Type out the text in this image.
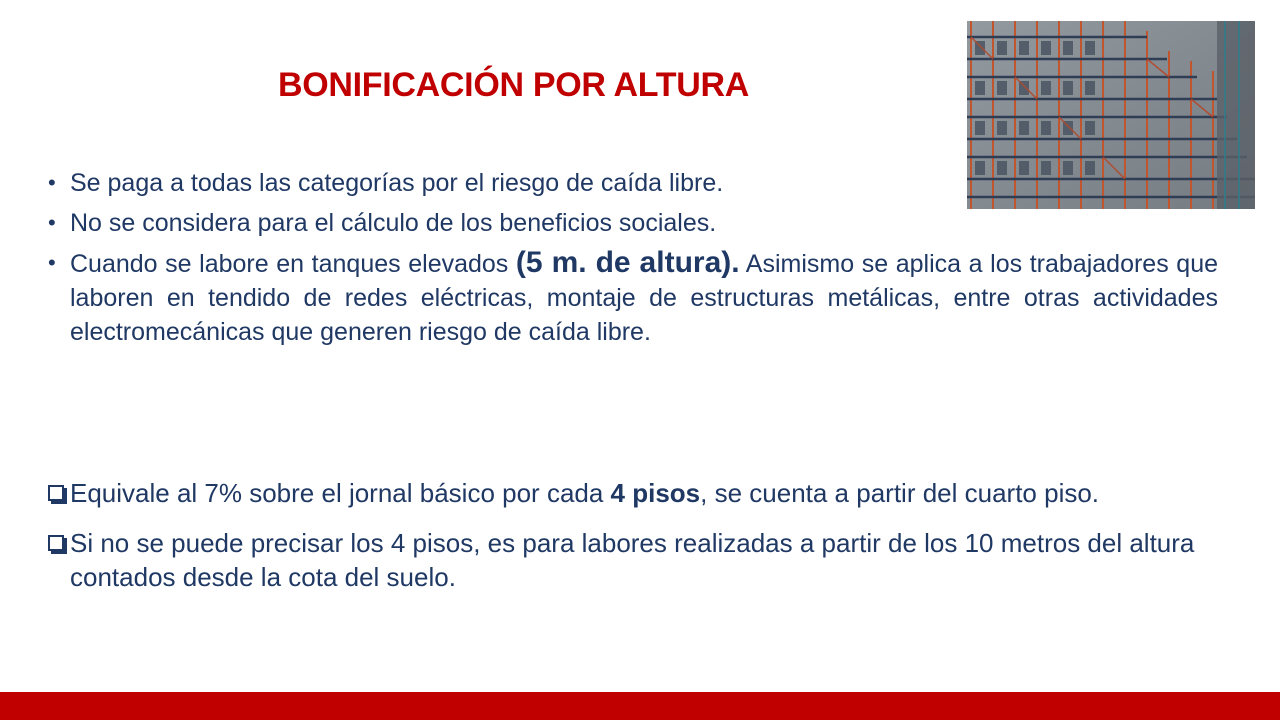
BONIFICACIÓN POR ALTURA
• Se paga a todas las categorías por el riesgo de caída libre.
• No se considera para el cálculo de los beneficios sociales.
• Cuando se labore en tanques elevados (5 m. de altura). Asimismo se aplica a los trabajadores que laboren en tendido de redes eléctricas, montaje de estructuras metálicas, entre otras actividades electromecánicas que generen riesgo de caída libre.
Equivale al 7% sobre el jornal básico por cada 4 pisos, se cuenta a partir del cuarto piso.
Si no se puede precisar los 4 pisos, es para labores realizadas a partir de los 10 metros del altura contados desde la cota del suelo.
